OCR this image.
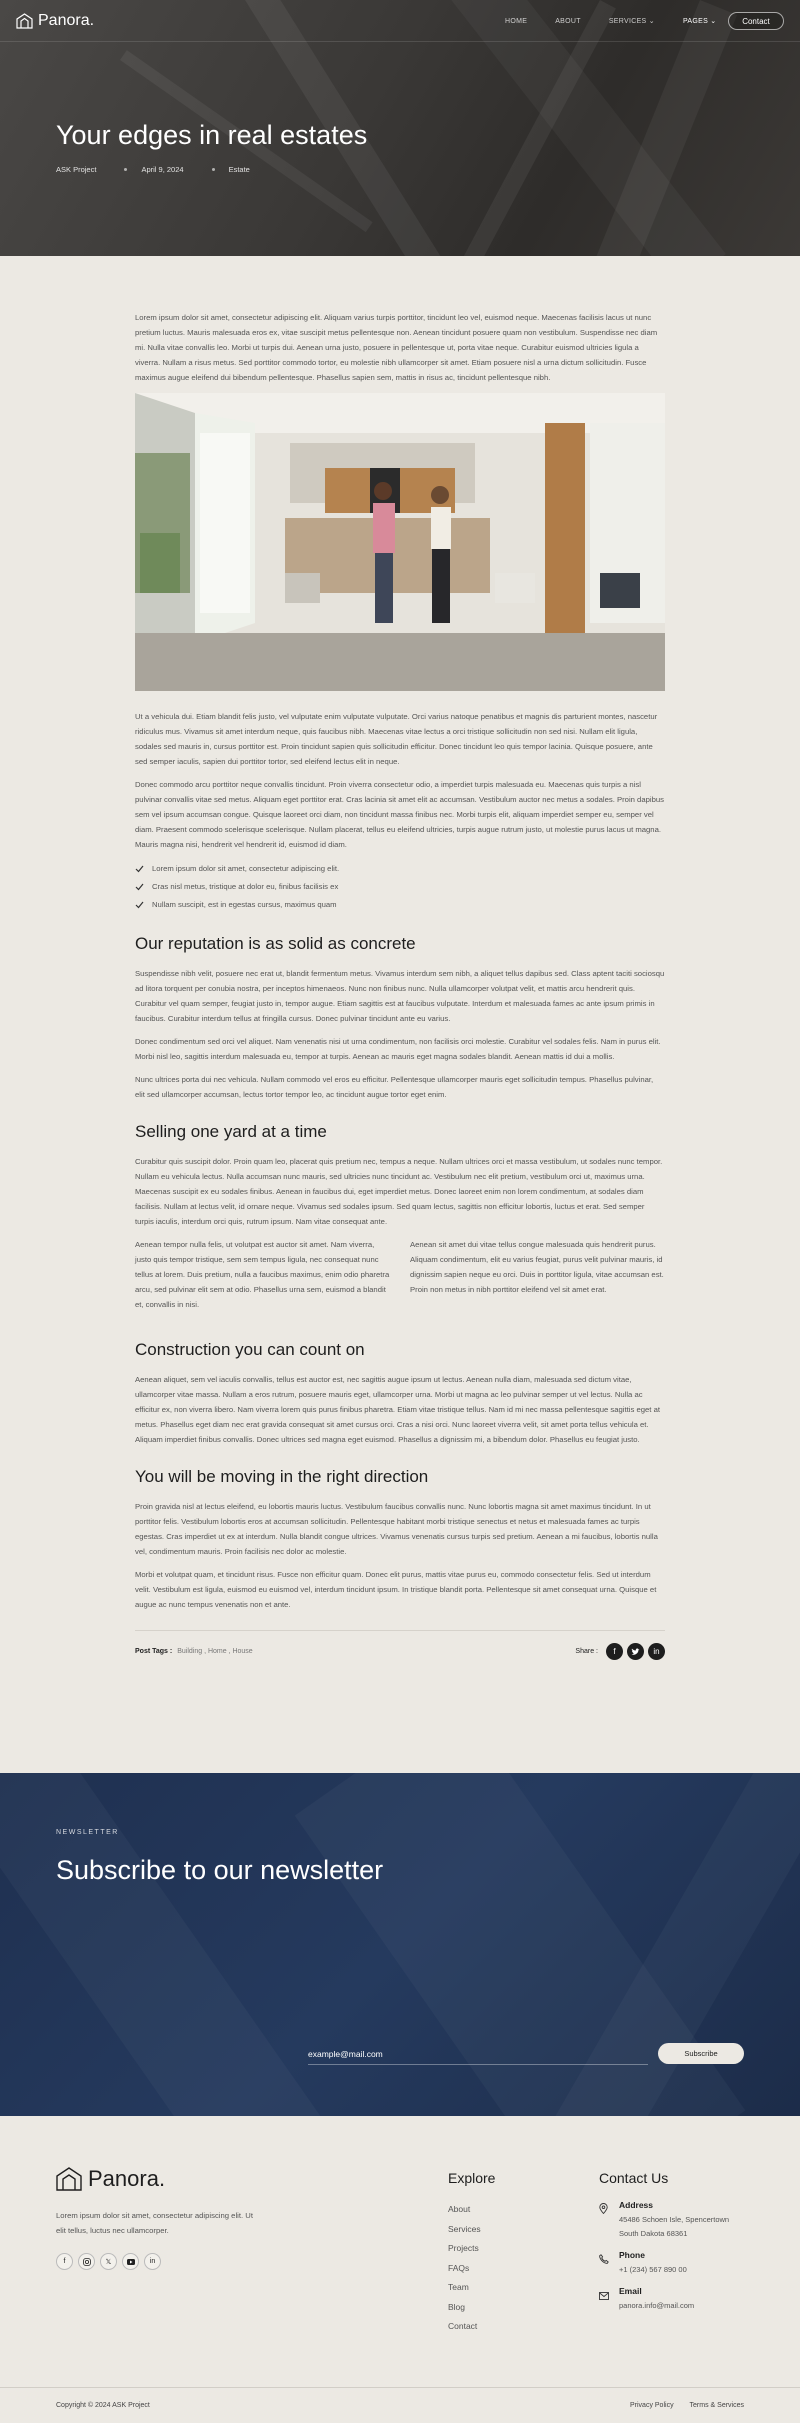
Panora.	HOME	ABOUT	SERVICES ⌄	PAGES ⌄	Contact
Your edges in real estates
ASK Project	April 9, 2024	Estate

Lorem ipsum dolor sit amet, consectetur adipiscing elit. Aliquam varius turpis porttitor, tincidunt leo vel, euismod neque. Maecenas facilisis lacus ut nunc pretium luctus. Mauris malesuada eros ex, vitae suscipit metus pellentesque non. Aenean tincidunt posuere quam non vestibulum. Suspendisse nec diam mi. Nulla vitae convallis leo. Morbi ut turpis dui. Aenean urna justo, posuere in pellentesque ut, porta vitae neque. Curabitur euismod ultricies ligula a viverra. Nullam a risus metus. Sed porttitor commodo tortor, eu molestie nibh ullamcorper sit amet. Etiam posuere nisl a urna dictum sollicitudin. Fusce maximus augue eleifend dui bibendum pellentesque. Phasellus sapien sem, mattis in risus ac, tincidunt pellentesque nibh.

Ut a vehicula dui. Etiam blandit felis justo, vel vulputate enim vulputate vulputate. Orci varius natoque penatibus et magnis dis parturient montes, nascetur ridiculus mus. Vivamus sit amet interdum neque, quis faucibus nibh. Maecenas vitae lectus a orci tristique sollicitudin non sed nisi. Nullam elit ligula, sodales sed mauris in, cursus porttitor est. Proin tincidunt sapien quis sollicitudin efficitur. Donec tincidunt leo quis tempor lacinia. Quisque posuere, ante sed semper iaculis, sapien dui porttitor tortor, sed eleifend lectus elit in neque.

Donec commodo arcu porttitor neque convallis tincidunt. Proin viverra consectetur odio, a imperdiet turpis malesuada eu. Maecenas quis turpis a nisl pulvinar convallis vitae sed metus. Aliquam eget porttitor erat. Cras lacinia sit amet elit ac accumsan. Vestibulum auctor nec metus a sodales. Proin dapibus sem vel ipsum accumsan congue. Quisque laoreet orci diam, non tincidunt massa finibus nec. Morbi turpis elit, aliquam imperdiet semper eu, semper vel diam. Praesent commodo scelerisque scelerisque. Nullam placerat, tellus eu eleifend ultricies, turpis augue rutrum justo, ut molestie purus lacus ut magna. Mauris magna nisi, hendrerit vel hendrerit id, euismod id diam.

Lorem ipsum dolor sit amet, consectetur adipiscing elit.
Cras nisl metus, tristique at dolor eu, finibus facilisis ex
Nullam suscipit, est in egestas cursus, maximus quam
Our reputation is as solid as concrete

Suspendisse nibh velit, posuere nec erat ut, blandit fermentum metus. Vivamus interdum sem nibh, a aliquet tellus dapibus sed. Class aptent taciti sociosqu ad litora torquent per conubia nostra, per inceptos himenaeos. Nunc non finibus nunc. Nulla ullamcorper volutpat velit, et mattis arcu hendrerit quis. Curabitur vel quam semper, feugiat justo in, tempor augue. Etiam sagittis est at faucibus vulputate. Interdum et malesuada fames ac ante ipsum primis in faucibus. Curabitur interdum tellus at fringilla cursus. Donec pulvinar tincidunt ante eu varius.

Donec condimentum sed orci vel aliquet. Nam venenatis nisi ut urna condimentum, non facilisis orci molestie. Curabitur vel sodales felis. Nam in purus elit. Morbi nisl leo, sagittis interdum malesuada eu, tempor at turpis. Aenean ac mauris eget magna sodales blandit. Aenean mattis id dui a mollis.

Nunc ultrices porta dui nec vehicula. Nullam commodo vel eros eu efficitur. Pellentesque ullamcorper mauris eget sollicitudin tempus. Phasellus pulvinar, elit sed ullamcorper accumsan, lectus tortor tempor leo, ac tincidunt augue tortor eget enim.

Selling one yard at a time

Curabitur quis suscipit dolor. Proin quam leo, placerat quis pretium nec, tempus a neque. Nullam ultrices orci et massa vestibulum, ut sodales nunc tempor. Nullam eu vehicula lectus. Nulla accumsan nunc mauris, sed ultricies nunc tincidunt ac. Vestibulum nec elit pretium, vestibulum orci ut, maximus urna. Maecenas suscipit ex eu sodales finibus. Aenean in faucibus dui, eget imperdiet metus. Donec laoreet enim non lorem condimentum, at sodales diam facilisis. Nullam at lectus velit, id ornare neque. Vivamus sed sodales ipsum. Sed quam lectus, sagittis non efficitur lobortis, luctus et erat. Sed semper turpis iaculis, interdum orci quis, rutrum ipsum. Nam vitae consequat ante.

Aenean tempor nulla felis, ut volutpat est auctor sit amet. Nam viverra, justo quis tempor tristique, sem sem tempus ligula, nec consequat nunc tellus at lorem. Duis pretium, nulla a faucibus maximus, enim odio pharetra arcu, sed pulvinar elit sem at odio. Phasellus urna sem, euismod a blandit et, convallis in nisi.

Aenean sit amet dui vitae tellus congue malesuada quis hendrerit purus. Aliquam condimentum, elit eu varius feugiat, purus velit pulvinar mauris, id dignissim sapien neque eu orci. Duis in porttitor ligula, vitae accumsan est. Proin non metus in nibh porttitor eleifend vel sit amet erat.

Construction you can count on

Aenean aliquet, sem vel iaculis convallis, tellus est auctor est, nec sagittis augue ipsum ut lectus. Aenean nulla diam, malesuada sed dictum vitae, ullamcorper vitae massa. Nullam a eros rutrum, posuere mauris eget, ullamcorper urna. Morbi ut magna ac leo pulvinar semper ut vel lectus. Nulla ac efficitur ex, non viverra libero. Nam viverra lorem quis purus finibus pharetra. Etiam vitae tristique tellus. Nam id mi nec massa pellentesque sagittis eget at metus. Phasellus eget diam nec erat gravida consequat sit amet cursus orci. Cras a nisi orci. Nunc laoreet viverra velit, sit amet porta tellus vehicula et. Aliquam imperdiet finibus convallis. Donec ultrices sed magna eget euismod. Phasellus a dignissim mi, a bibendum dolor. Phasellus eu feugiat justo.

You will be moving in the right direction

Proin gravida nisl at lectus eleifend, eu lobortis mauris luctus. Vestibulum faucibus convallis nunc. Nunc lobortis magna sit amet maximus tincidunt. In ut porttitor felis. Vestibulum lobortis eros at accumsan sollicitudin. Pellentesque habitant morbi tristique senectus et netus et malesuada fames ac turpis egestas. Cras imperdiet ut ex at interdum. Nulla blandit congue ultrices. Vivamus venenatis cursus turpis sed pretium. Aenean a mi faucibus, lobortis nulla vel, condimentum mauris. Proin facilisis nec dolor ac molestie.

Morbi et volutpat quam, et tincidunt risus. Fusce non efficitur quam. Donec elit purus, mattis vitae purus eu, commodo consectetur felis. Sed ut interdum velit. Vestibulum est ligula, euismod eu euismod vel, interdum tincidunt ipsum. In tristique blandit porta. Pellentesque sit amet consequat urna. Quisque et augue ac nunc tempus venenatis non et ante.

Post Tags : Building , Home , House	Share :	f	in
NEWSLETTER
Subscribe to our newsletter
example@mail.com
Subscribe
Panora.

Lorem ipsum dolor sit amet, consectetur adipiscing elit. Ut elit tellus, luctus nec ullamcorper.

f	𝕏	in
Explore
About
Services
Projects
FAQs
Team
Blog
Contact
Contact Us
Address
45486 Schoen Isle, Spencertown
South Dakota 68361
Phone
+1 (234) 567 890 00
Email
panora.info@mail.com
Copyright © 2024 ASK Project	Privacy Policy Terms & Services
